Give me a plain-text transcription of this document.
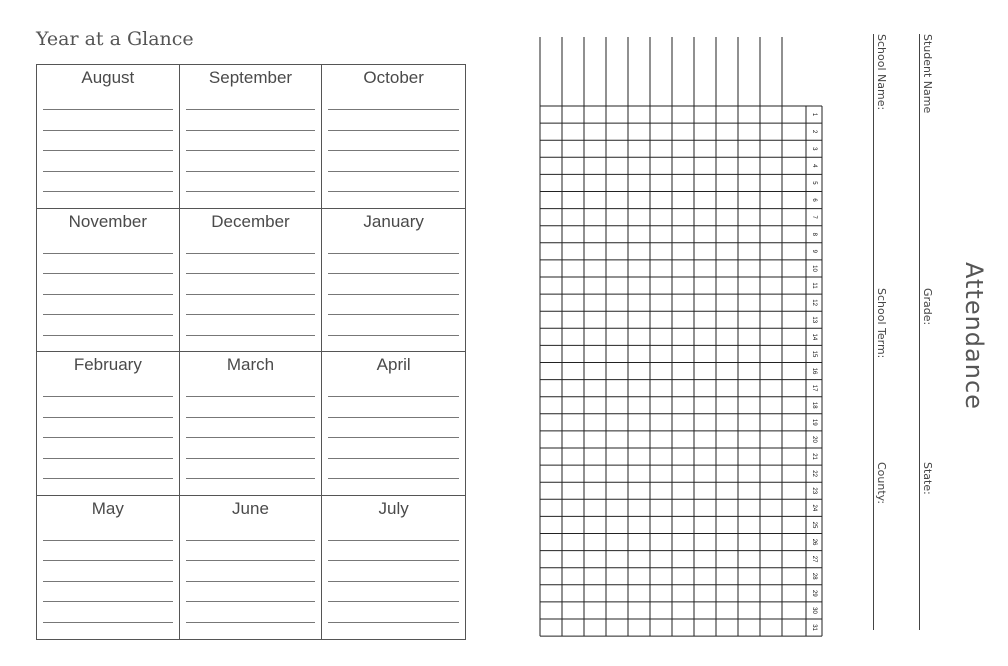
Year at a Glance
August	September	October
November	December	January
February	March	April
May	June	July
1
2
3
4
5
6
7
8
9
10
11
12
13
14
15
16
17
18
19
20
21
22
23
24
25
26
27
28
29
30
31
Attendance
Student Name
Grade:
State:
School Name:
School Term:
County:
